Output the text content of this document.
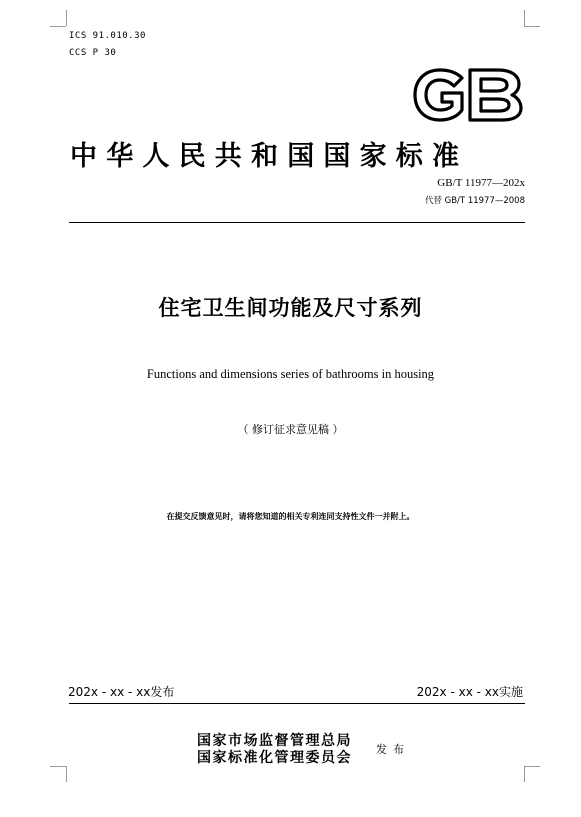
ICS 91.010.30
CCS P 30
中华人民共和国国家标准
GB/T 11977—202x
代替 GB/T 11977—2008
住宅卫生间功能及尺寸系列
Functions and dimensions series of bathrooms in housing
（ 修订征求意见稿 ）
在提交反馈意见时，请将您知道的相关专利连同支持性文件一并附上。
202x - xx - xx发布	202x - xx - xx实施
国家市场监督管理总局
国家标准化管理委员会
发布
